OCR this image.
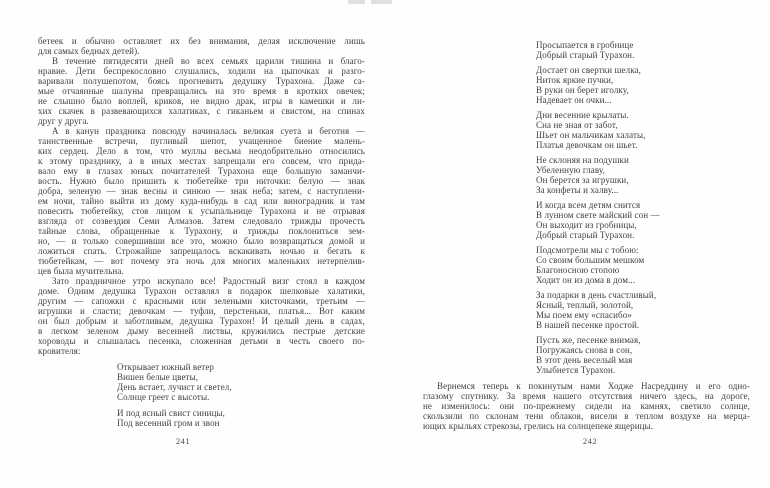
бетеек и обычно оставляет их без внимания, делая исключение лишь
для самых бедных детей).
В течение пятидесяти дней во всех семьях царили тишина и благо-
нравие. Дети беспрекословно слушались, ходили на цыпочках и разго-
варивали полушепотом, боясь прогневить дедушку Турахона. Даже са-
мые отчаянные шалуны превращались на это время в кротких овечек;
не слышно было воплей, криков, не видно драк, игры в камешки и ли-
хих скачек в развевающихся халатиках, с гиканьем и свистом, на спинах
друг у друга.
А в канун праздника повсюду начиналась великая суета и беготня —
таинственные встречи, пугливый шепот, учащенное биение малень-
ких сердец. Дело в том, что муллы весьма неодобрительно относились
к этому празднику, а в иных местах запрещали его совсем, что прида-
вало ему в глазах юных почитателей Турахона еще большую заманчи-
вость. Нужно было пришить к тюбетейке три ниточки: белую — знак
добра, зеленую — знак весны и синюю — знак неба; затем, с наступлени-
ем ночи, тайно выйти из дому куда-нибудь в сад или виноградник и там
повесить тюбетейку, стоя лицом к усыпальнице Турахона и не отрывая
взгляда от созвездия Семи Алмазов. Затем следовало трижды прочесть
тайные слова, обращенные к Турахону, и трижды поклониться зем-
но, — и только совершивши все это, можно было возвращаться домой и
ложиться спать. Строжайше запрещалось вскакивать ночью и бегать к
тюбетейкам, — вот почему эта ночь для многих маленьких нетерпелив-
цев была мучительна.
Зато праздничное утро искупало все! Радостный визг стоял в каждом
доме. Одним дедушка Турахон оставлял в подарок шелковые халатики,
другим — сапожки с красными или зелеными кисточками, третьим —
игрушки и сласти; девочкам — туфли, перстеньки, платья... Вот каким
он был добрым и заботливым, дедушка Турахон! И целый день в садах,
в легком зеленом дыму весенней листвы, кружились пестрые детские
хороводы и слышалась песенка, сложенная детьми в честь своего по-
кровителя:
Открывает южный ветер
Вишен белые цветы,
День встает, лучист и светел,
Солнце греет с высоты.
И под ясный свист синицы,
Под весенний гром и звон
Просыпается в гробнице
Добрый старый Турахон.
Достает он свертки шелка,
Ниток яркие пучки,
В руки он берет иголку,
Надевает он очки...
Дни весенние крылаты.
Сна не зная от забот,
Шьет он мальчикам халаты,
Платья девочкам он шьет.
Не склоняя на подушки
Убеленную главу,
Он берется за игрушки,
За конфеты и халву...
И когда всем детям снится
В лунном свете майский сон —
Он выходит из гробницы,
Добрый старый Турахон.
Подсмотрели мы с тобою:
Со своим большим мешком
Благоносною стопою
Ходит он из дома в дом...
За подарки в день счастливый,
Ясный, теплый, золотой,
Мы поем ему «спасибо»
В нашей песенке простой.
Пусть же, песенке внимая,
Погружаясь снова в сон,
В этот день веселый мая
Улыбнется Турахон.
Вернемся теперь к покинутым нами Ходже Насреддину и его одно-
глазому спутнику. За время нашего отсутствия ничего здесь, на дороге,
не изменилось: они по-прежнему сидели на камнях, светило солнце,
скользили по склонам тени облаков, висели в теплом воздухе на мерца-
ющих крыльях стрекозы, грелись на солнцепеке ящерицы.
241	242
